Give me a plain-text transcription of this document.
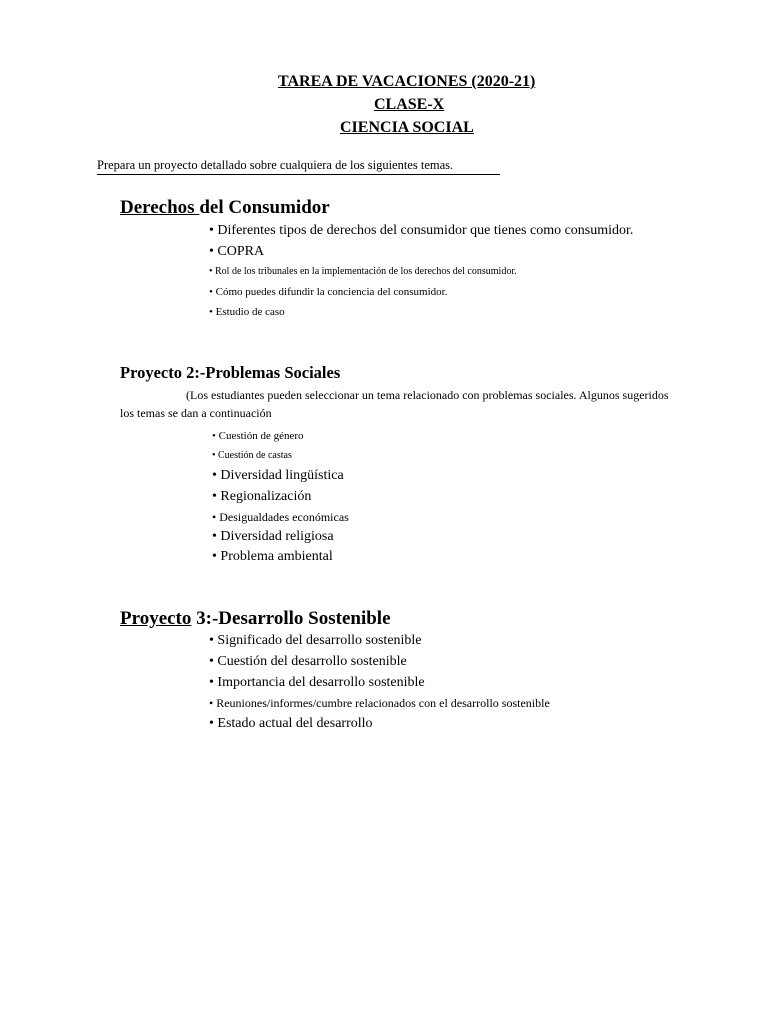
TAREA DE VACACIONES (2020-21)
CLASE-X
CIENCIA SOCIAL
Prepara un proyecto detallado sobre cualquiera de los siguientes temas.
Derechos del Consumidor
• Diferentes tipos de derechos del consumidor que tienes como consumidor.
• COPRA
• Rol de los tribunales en la implementación de los derechos del consumidor.
• Cómo puedes difundir la conciencia del consumidor.
• Estudio de caso
Proyecto 2:-Problemas Sociales
(Los estudiantes pueden seleccionar un tema relacionado con problemas sociales. Algunos sugeridos
los temas se dan a continuación
• Cuestión de género
• Cuestión de castas
• Diversidad lingüística
• Regionalización
• Desigualdades económicas
• Diversidad religiosa
• Problema ambiental
Proyecto 3:-Desarrollo Sostenible
• Significado del desarrollo sostenible
• Cuestión del desarrollo sostenible
• Importancia del desarrollo sostenible
• Reuniones/informes/cumbre relacionados con el desarrollo sostenible
• Estado actual del desarrollo
